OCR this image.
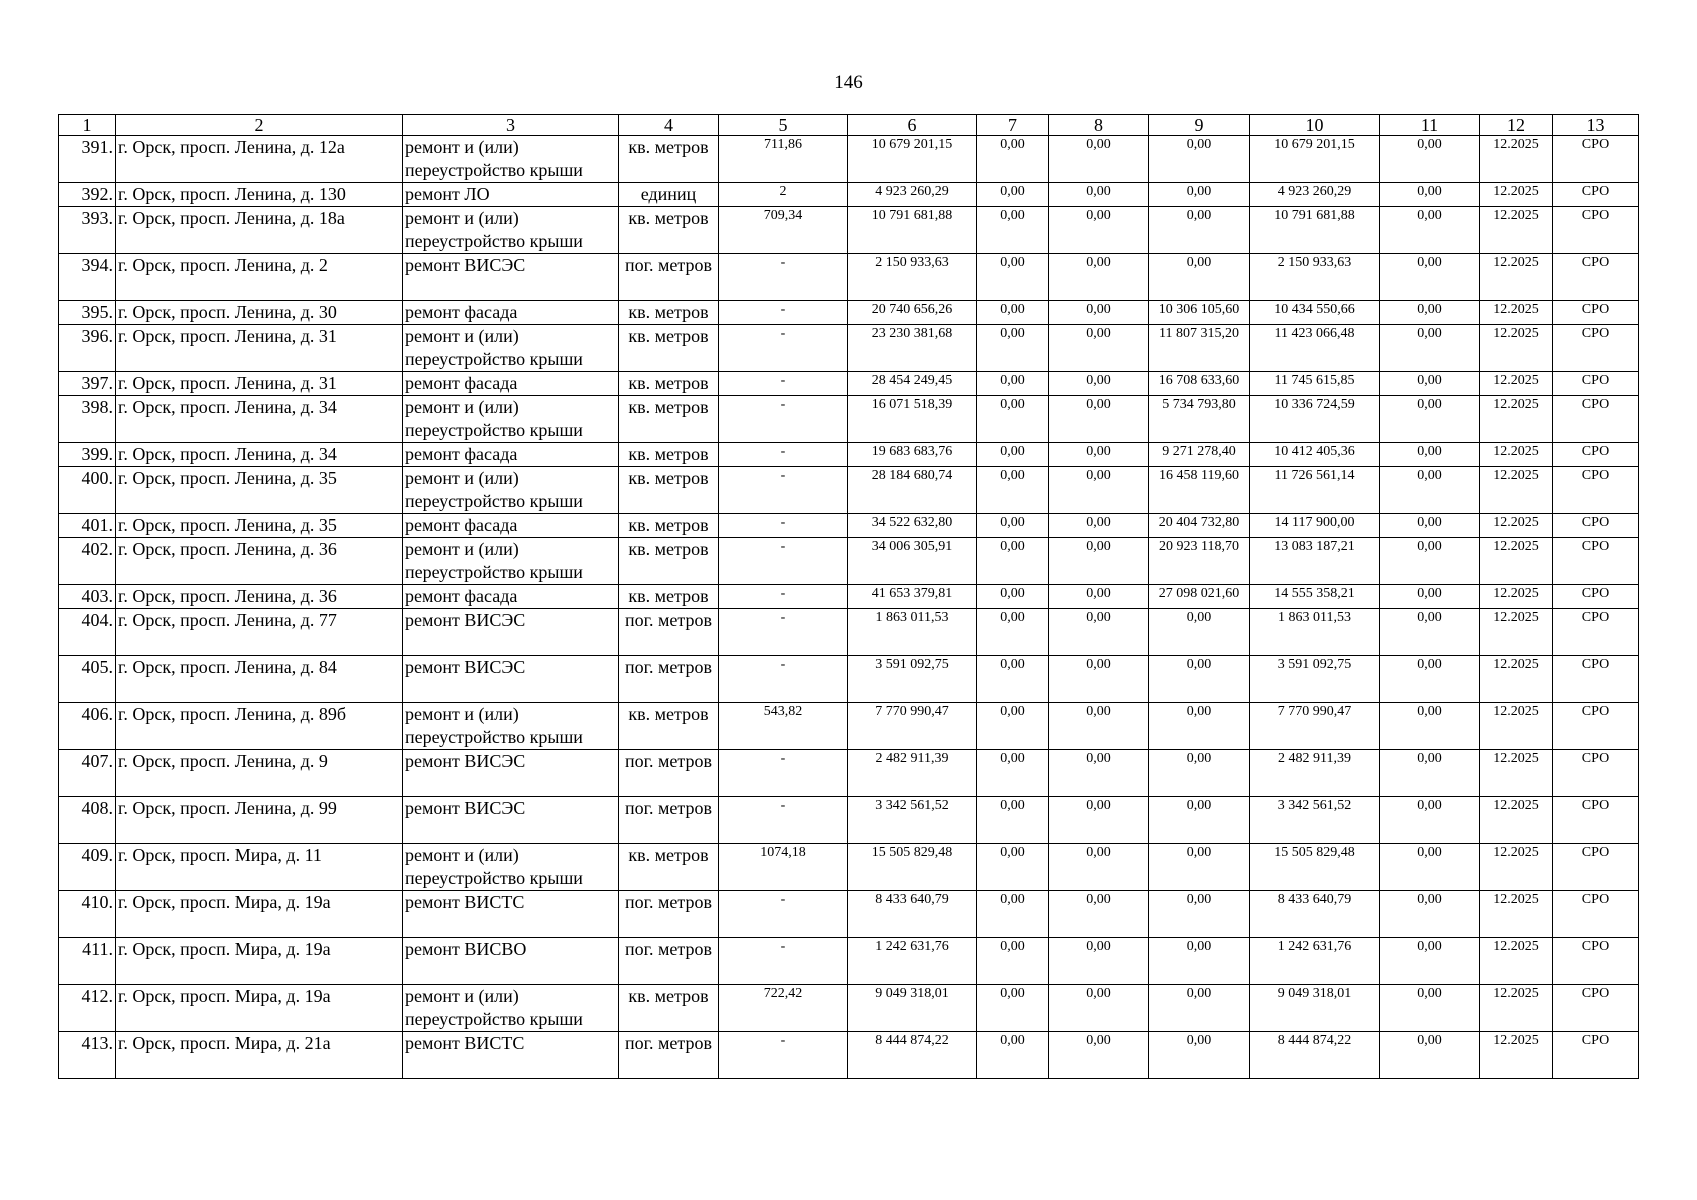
146
1	2	3	4	5	6	7	8	9	10	11	12	13
391.	г. Орск, просп. Ленина, д. 12а	ремонт и (или) переустройство крыши	кв. метров	711,86	10 679 201,15	0,00	0,00	0,00	10 679 201,15	0,00	12.2025	СРО
392.	г. Орск, просп. Ленина, д. 130	ремонт ЛО	единиц	2	4 923 260,29	0,00	0,00	0,00	4 923 260,29	0,00	12.2025	СРО
393.	г. Орск, просп. Ленина, д. 18а	ремонт и (или) переустройство крыши	кв. метров	709,34	10 791 681,88	0,00	0,00	0,00	10 791 681,88	0,00	12.2025	СРО
394.	г. Орск, просп. Ленина, д. 2	ремонт ВИСЭС	пог. метров	-	2 150 933,63	0,00	0,00	0,00	2 150 933,63	0,00	12.2025	СРО
395.	г. Орск, просп. Ленина, д. 30	ремонт фасада	кв. метров	-	20 740 656,26	0,00	0,00	10 306 105,60	10 434 550,66	0,00	12.2025	СРО
396.	г. Орск, просп. Ленина, д. 31	ремонт и (или) переустройство крыши	кв. метров	-	23 230 381,68	0,00	0,00	11 807 315,20	11 423 066,48	0,00	12.2025	СРО
397.	г. Орск, просп. Ленина, д. 31	ремонт фасада	кв. метров	-	28 454 249,45	0,00	0,00	16 708 633,60	11 745 615,85	0,00	12.2025	СРО
398.	г. Орск, просп. Ленина, д. 34	ремонт и (или) переустройство крыши	кв. метров	-	16 071 518,39	0,00	0,00	5 734 793,80	10 336 724,59	0,00	12.2025	СРО
399.	г. Орск, просп. Ленина, д. 34	ремонт фасада	кв. метров	-	19 683 683,76	0,00	0,00	9 271 278,40	10 412 405,36	0,00	12.2025	СРО
400.	г. Орск, просп. Ленина, д. 35	ремонт и (или) переустройство крыши	кв. метров	-	28 184 680,74	0,00	0,00	16 458 119,60	11 726 561,14	0,00	12.2025	СРО
401.	г. Орск, просп. Ленина, д. 35	ремонт фасада	кв. метров	-	34 522 632,80	0,00	0,00	20 404 732,80	14 117 900,00	0,00	12.2025	СРО
402.	г. Орск, просп. Ленина, д. 36	ремонт и (или) переустройство крыши	кв. метров	-	34 006 305,91	0,00	0,00	20 923 118,70	13 083 187,21	0,00	12.2025	СРО
403.	г. Орск, просп. Ленина, д. 36	ремонт фасада	кв. метров	-	41 653 379,81	0,00	0,00	27 098 021,60	14 555 358,21	0,00	12.2025	СРО
404.	г. Орск, просп. Ленина, д. 77	ремонт ВИСЭС	пог. метров	-	1 863 011,53	0,00	0,00	0,00	1 863 011,53	0,00	12.2025	СРО
405.	г. Орск, просп. Ленина, д. 84	ремонт ВИСЭС	пог. метров	-	3 591 092,75	0,00	0,00	0,00	3 591 092,75	0,00	12.2025	СРО
406.	г. Орск, просп. Ленина, д. 89б	ремонт и (или) переустройство крыши	кв. метров	543,82	7 770 990,47	0,00	0,00	0,00	7 770 990,47	0,00	12.2025	СРО
407.	г. Орск, просп. Ленина, д. 9	ремонт ВИСЭС	пог. метров	-	2 482 911,39	0,00	0,00	0,00	2 482 911,39	0,00	12.2025	СРО
408.	г. Орск, просп. Ленина, д. 99	ремонт ВИСЭС	пог. метров	-	3 342 561,52	0,00	0,00	0,00	3 342 561,52	0,00	12.2025	СРО
409.	г. Орск, просп. Мира, д. 11	ремонт и (или) переустройство крыши	кв. метров	1074,18	15 505 829,48	0,00	0,00	0,00	15 505 829,48	0,00	12.2025	СРО
410.	г. Орск, просп. Мира, д. 19а	ремонт ВИСТС	пог. метров	-	8 433 640,79	0,00	0,00	0,00	8 433 640,79	0,00	12.2025	СРО
411.	г. Орск, просп. Мира, д. 19а	ремонт ВИСВО	пог. метров	-	1 242 631,76	0,00	0,00	0,00	1 242 631,76	0,00	12.2025	СРО
412.	г. Орск, просп. Мира, д. 19а	ремонт и (или) переустройство крыши	кв. метров	722,42	9 049 318,01	0,00	0,00	0,00	9 049 318,01	0,00	12.2025	СРО
413.	г. Орск, просп. Мира, д. 21а	ремонт ВИСТС	пог. метров	-	8 444 874,22	0,00	0,00	0,00	8 444 874,22	0,00	12.2025	СРО
